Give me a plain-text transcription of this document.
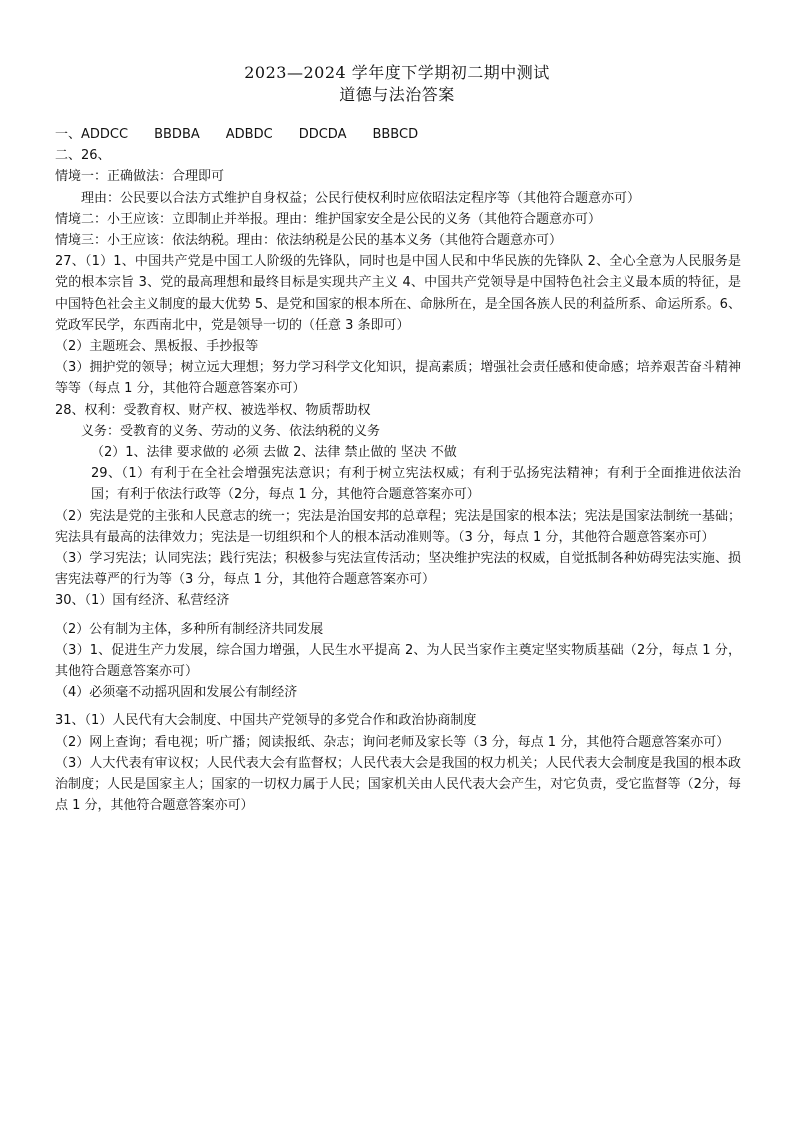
2023—2024 学年度下学期初二期中测试
道德与法治答案
一、ADDCC BBDBA ADBDC DDCDA BBBCD
二、26、
情境一：正确做法：合理即可
理由：公民要以合法方式维护自身权益；公民行使权利时应依昭法定程序等（其他符合题意亦可）
情境二：小王应该：立即制止并举报。理由：维护国家安全是公民的义务（其他符合题意亦可）
情境三：小王应该：依法纳税。理由：依法纳税是公民的基本义务（其他符合题意亦可）
27、（1）1、中国共产党是中国工人阶级的先锋队，同时也是中国人民和中华民族的先锋队 2、全心全意为人民服务是党的根本宗旨 3、党的最高理想和最终目标是实现共产主义 4、中国共产党领导是中国特色社会主义最本质的特征，是中国特色社会主义制度的最大优势 5、是党和国家的根本所在、命脉所在，是全国各族人民的利益所系、命运所系。6、党政军民学，东西南北中，党是领导一切的（任意 3 条即可）
（2）主题班会、黑板报、手抄报等
（3）拥护党的领导；树立远大理想；努力学习科学文化知识，提高素质；增强社会责任感和使命感；培养艰苦奋斗精神等等（每点 1 分，其他符合题意答案亦可）
28、权利：受教育权、财产权、被选举权、物质帮助权
义务：受教育的义务、劳动的义务、依法纳税的义务
（2）1、法律 要求做的 必须 去做 2、法律 禁止做的 坚决 不做
29、（1）有利于在全社会增强宪法意识；有利于树立宪法权威；有利于弘扬宪法精神；有利于全面推进依法治国；有利于依法行政等（2分，每点 1 分，其他符合题意答案亦可）
（2）宪法是党的主张和人民意志的统一；宪法是治国安邦的总章程；宪法是国家的根本法；宪法是国家法制统一基础；宪法具有最高的法律效力；宪法是一切组织和个人的根本活动准则等。（3 分，每点 1 分，其他符合题意答案亦可）
（3）学习宪法；认同宪法；践行宪法；积极参与宪法宣传活动；坚决维护宪法的权威，自觉抵制各种妨碍宪法实施、损害宪法尊严的行为等（3 分，每点 1 分，其他符合题意答案亦可）
30、（1）国有经济、私营经济
（2）公有制为主体，多种所有制经济共同发展
（3）1、促进生产力发展，综合国力增强，人民生水平提高 2、为人民当家作主奠定坚实物质基础（2分，每点 1 分，其他符合题意答案亦可）
（4）必须毫不动摇巩固和发展公有制经济
31、（1）人民代有大会制度、中国共产党领导的多党合作和政治协商制度
（2）网上查询；看电视；听广播；阅读报纸、杂志；询问老师及家长等（3 分，每点 1 分，其他符合题意答案亦可）
（3）人大代表有审议权；人民代表大会有监督权；人民代表大会是我国的权力机关；人民代表大会制度是我国的根本政治制度；人民是国家主人；国家的一切权力属于人民；国家机关由人民代表大会产生，对它负责，受它监督等（2分，每点 1 分，其他符合题意答案亦可）
